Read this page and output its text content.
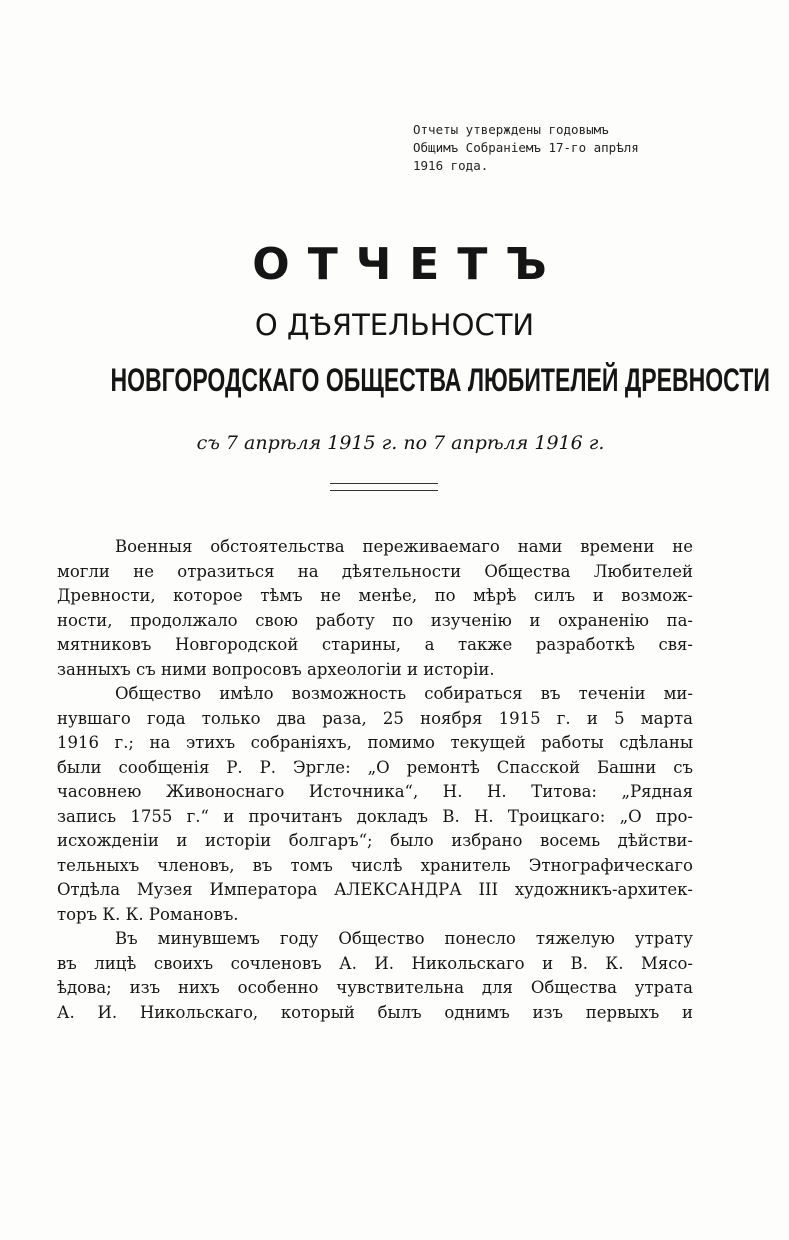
Отчеты утверждены годовымъ
Общимъ Собраніемъ 17-го апрѣля
1916 года.
ОТЧЕТЪ
О ДѢЯТЕЛЬНОСТИ
НОВГОРОДСКАГО ОБЩЕСТВА ЛЮБИТЕЛЕЙ ДРЕВНОСТИ
съ 7 апрѣля 1915 г. по 7 апрѣля 1916 г.
Военныя обстоятельства переживаемаго нами времени не
могли не отразиться на дѣятельности Общества Любителей
Древности, которое тѣмъ не менѣе, по мѣрѣ силъ и возмож-
ности, продолжало свою работу по изученію и охраненію па-
мятниковъ Новгородской старины, а также разработкѣ свя-
занныхъ съ ними вопросовъ археологіи и исторіи.
Общество имѣло возможность собираться въ теченіи ми-
нувшаго года только два раза, 25 ноября 1915 г. и 5 марта
1916 г.; на этихъ собраніяхъ, помимо текущей работы сдѣланы
были сообщенія Р. Р. Эргле: „О ремонтѣ Спасской Башни съ
часовнею Живоноснаго Источника“, Н. Н. Титова: „Рядная
запись 1755 г.“ и прочитанъ докладъ В. Н. Троицкаго: „О про-
исхожденіи и исторіи болгаръ“; было избрано восемь дѣйстви-
тельныхъ членовъ, въ томъ числѣ хранитель Этнографическаго
Отдѣла Музея Императора АЛЕКСАНДРА III художникъ-архитек-
торъ К. К. Романовъ.
Въ минувшемъ году Общество понесло тяжелую утрату
въ лицѣ своихъ сочленовъ А. И. Никольскаго и В. К. Мясо-
ѣдова; изъ нихъ особенно чувствительна для Общества утрата
А. И. Никольскаго, который былъ однимъ изъ первыхъ и
